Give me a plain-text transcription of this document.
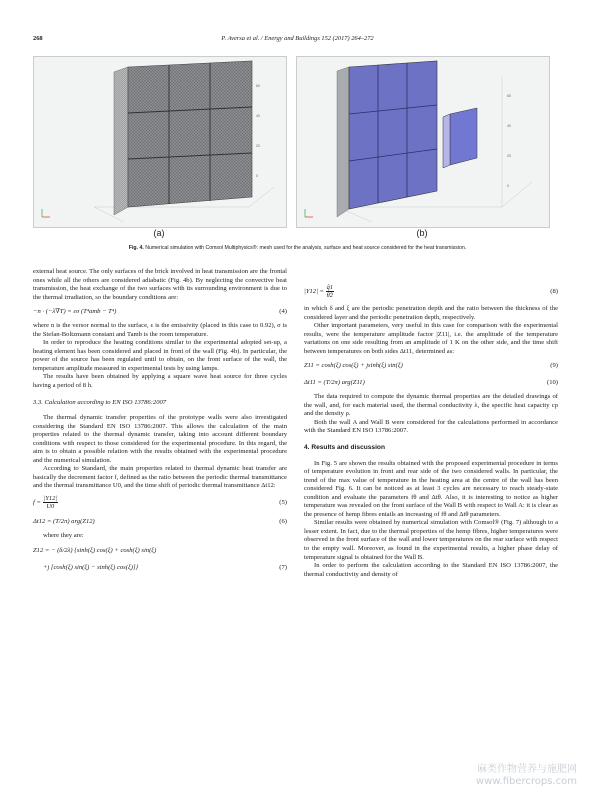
268	P. Aversa et al. / Energy and Buildings 152 (2017) 264–272
60
40
20
0
(a)
60
40
20
0
(b)
Fig. 4. Numerical simulation with Comsol Multiphysics®: mesh used for the analysis, surface and heat source considered for the heat transmission.

external heat source. The only surfaces of the brick involved in heat transmission are the frontal ones while all the others are considered adiabatic (Fig. 4b). By neglecting the convective heat transmission, the heat exchange of the two surfaces with its surrounding environment is due to the thermal irradiation, so the boundary conditions are:

−n · (−λ∇T) = εσ (T⁴amb − T⁴)	(4)

where n is the versor normal to the surface, ε is the emissivity (placed in this case to 0.92), σ is the Stefan-Boltzmann constant and Tamb is the room temperature.

In order to reproduce the heating conditions similar to the experimental adopted set-up, a heating element has been considered and placed in front of the wall (Fig. 4b). In particular, the power of the source has been regulated until to obtain, on the front surface of the wall, the temperature amplitude measured in experimental tests by using lamps.

The results have been obtained by applying a square wave heat source for three cycles having a period of 8 h.

3.3. Calculation according to EN ISO 13786:2007

The thermal dynamic transfer properties of the prototype walls were also investigated considering the Standard EN ISO 13786:2007. This allows the calculation of the main properties related to the thermal dynamic transfer, taking into account different boundary conditions with respect to those considered for the experimental procedure. In this regard, the aim is to obtain a possible relation with the results obtained with the experimental procedure and the numerical simulation.

According to Standard, the main properties related to thermal dynamic heat transfer are basically the decrement factor f, defined as the ratio between the periodic thermal transmittance and the thermal transmittance U0, and the time shift of periodic thermal transmittance Δt12:

$f = \frac{|Y12|}{U0}$	(5)
Δt12 = (T/2π) arg(Z12)	(6)

where they are:

Z12 = − (δ/2λ) {sinh(ξ) cos(ξ) + cosh(ξ) sin(ξ)
+j [cosh(ξ) sin(ξ) − sinh(ξ) cos(ξ)]}	(7)
$|Y12| = \frac{q̂1}{\thetâ2}$	(8)

in which δ and ξ are the periodic penetration depth and the ratio between the thickness of the considered layer and the periodic penetration depth, respectively.

Other important parameters, very useful in this case for comparison with the experimental results, were the temperature amplitude factor |Z11|, i.e. the amplitude of the temperature variations on one side resulting from an amplitude of 1 K on the other side, and the time shift between temperatures on both sides Δt11, determined as:

Z11 = cosh(ξ) cos(ξ) + jsinh(ξ) sin(ξ)	(9)
Δt11 = (T/2π) arg(Z11)	(10)

The data required to compute the dynamic thermal properties are the detailed drawings of the wall, and, for each material used, the thermal conductivity λ, the specific heat capacity cp and the density ρ.

Both the wall A and Wall B were considered for the calculations performed in accordance with the Standard EN ISO 13786:2007.

4. Results and discussion

In Fig. 5 are shown the results obtained with the proposed experimental procedure in terms of temperature evolution in front and rear side of the two considered walls. In particular, the trend of the max value of temperature in the heating area at the centre of the wall has been considered Fig. 6. It can be noticed as at least 3 cycles are necessary to reach steady-state condition and evaluate the parameters fθ and Δtθ. Also, it is interesting to notice as higher temperature was revealed on the front surface of the Wall B with respect to Wall A: it is clear as the presence of hemp fibres entails an increasing of fθ and Δtθ parameters.

Similar results were obtained by numerical simulation with Comsol® (Fig. 7) although to a lesser extent. In fact, due to the thermal properties of the hemp fibres, higher temperatures were observed in the front surface of the wall and lower temperatures on the rear surface with respect to the empty wall. Moreover, as found in the experimental results, a higher phase delay of temperature signal is obtained for the Wall B.

In order to perform the calculation according to the Standard EN ISO 13786:2007, the thermal conductivity and density of

麻类作物营养与施肥网
www.fibercrops.com
